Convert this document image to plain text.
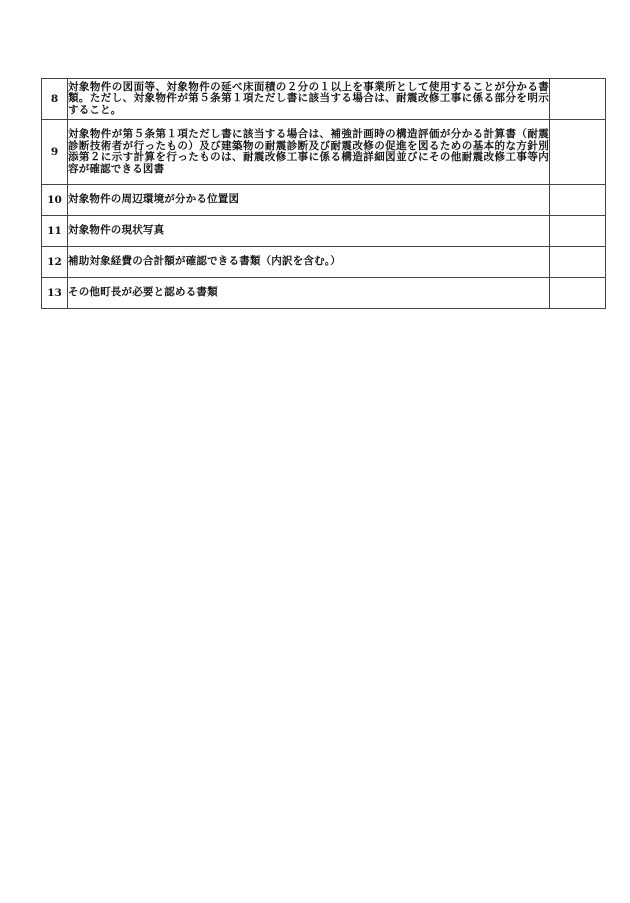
8	対象物件の図面等、対象物件の延べ床面積の２分の１以上を事業所として使用することが分かる書類。ただし、対象物件が第５条第１項ただし書に該当する場合は、耐震改修工事に係る部分を明示すること。	
9	対象物件が第５条第１項ただし書に該当する場合は、補強計画時の構造評価が分かる計算書（耐震診断技術者が行ったもの）及び建築物の耐震診断及び耐震改修の促進を図るための基本的な方針別添第２に示す計算を行ったものは、耐震改修工事に係る構造詳細図並びにその他耐震改修工事等内容が確認できる図書	
10	対象物件の周辺環境が分かる位置図	
11	対象物件の現状写真	
12	補助対象経費の合計額が確認できる書類（内訳を含む。）	
13	その他町長が必要と認める書類	
